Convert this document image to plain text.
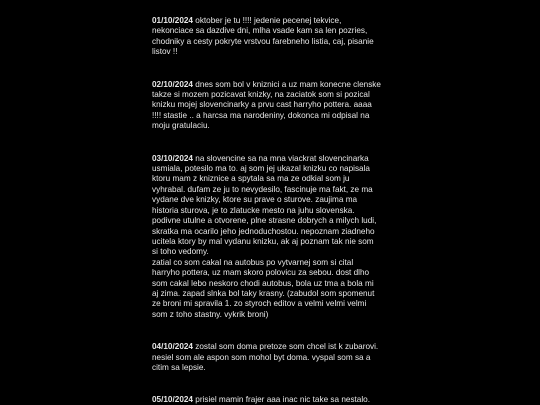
01/10/2024 oktober je tu !!!! jedenie pecenej tekvice,
nekonciace sa dazdive dni, mlha vsade kam sa len pozries,
chodniky a cesty pokryte vrstvou farebneho listia, caj, pisanie
listov !!

02/10/2024 dnes som bol v kniznici a uz mam konecne clenske
takze si mozem pozicavat knizky, na zaciatok som si pozical
knizku mojej slovencinarky a prvu cast harryho pottera. aaaa
!!!! stastie .. a harcsa ma narodeniny, dokonca mi odpisal na
moju gratulaciu.

03/10/2024 na slovencine sa na mna viackrat slovencinarka
usmiala, potesilo ma to. aj som jej ukazal knizku co napisala
ktoru mam z kniznice a spytala sa ma ze odkial som ju
vyhrabal. dufam ze ju to nevydesilo, fascinuje ma fakt, ze ma
vydane dve knizky, ktore su prave o sturove. zaujima ma
historia sturova, je to zlatucke mesto na juhu slovenska.
podivne utulne a otvorene, plne strasne dobrych a milych ludi,
skratka ma ocarilo jeho jednoduchostou. nepoznam ziadneho
ucitela ktory by mal vydanu knizku, ak aj poznam tak nie som
si toho vedomy.
zatial co som cakal na autobus po vytvarnej som si cital
harryho pottera, uz mam skoro polovicu za sebou. dost dlho
som cakal lebo neskoro chodi autobus, bola uz tma a bola mi
aj zima. zapad slnka bol taky krasny. (zabudol som spomenut
ze broni mi spravila 1. zo styroch editov a velmi velmi velmi
som z toho stastny. vykrik broni)

04/10/2024 zostal som doma pretoze som chcel ist k zubarovi.
nesiel som ale aspon som mohol byt doma. vyspal som sa a
citim sa lepsie.

05/10/2024 prisiel mamin frajer aaa inac nic take sa nestalo.
